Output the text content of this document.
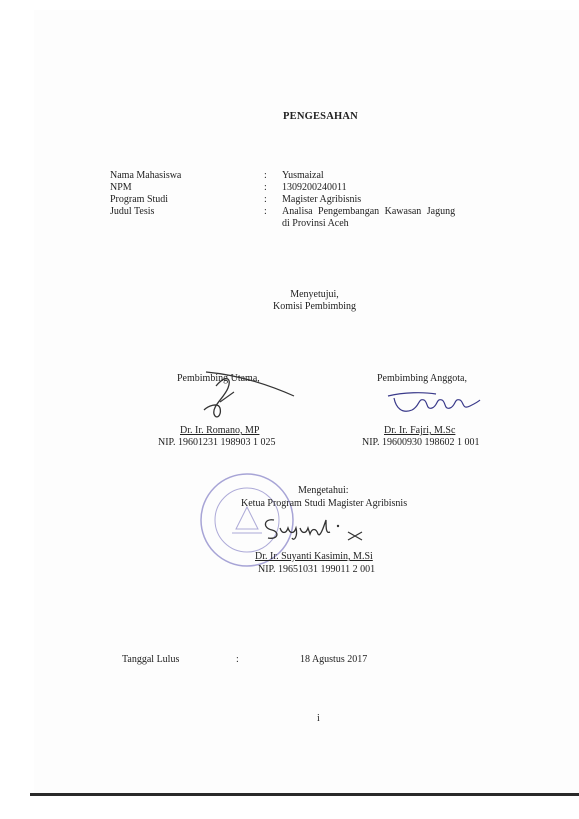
PENGESAHAN
Nama Mahasiswa	: Yusmaizal
NPM	: 1309200240011
Program Studi	: Magister Agribisnis
Judul Tesis	: Analisa Pengembangan Kawasan Jagung
di Provinsi Aceh
Menyetujui,
Komisi Pembimbing
Pembimbing Utama,
Dr. Ir. Romano, MP
NIP. 19601231 198903 1 025
Pembimbing Anggota,
Dr. Ir. Fajri, M.Sc
NIP. 19600930 198602 1 001
Mengetahui:
Ketua Program Studi Magister Agribisnis
Dr. Ir. Suyanti Kasimin, M.Si
NIP. 19651031 199011 2 001
Tanggal Lulus	:	18 Agustus 2017
i
